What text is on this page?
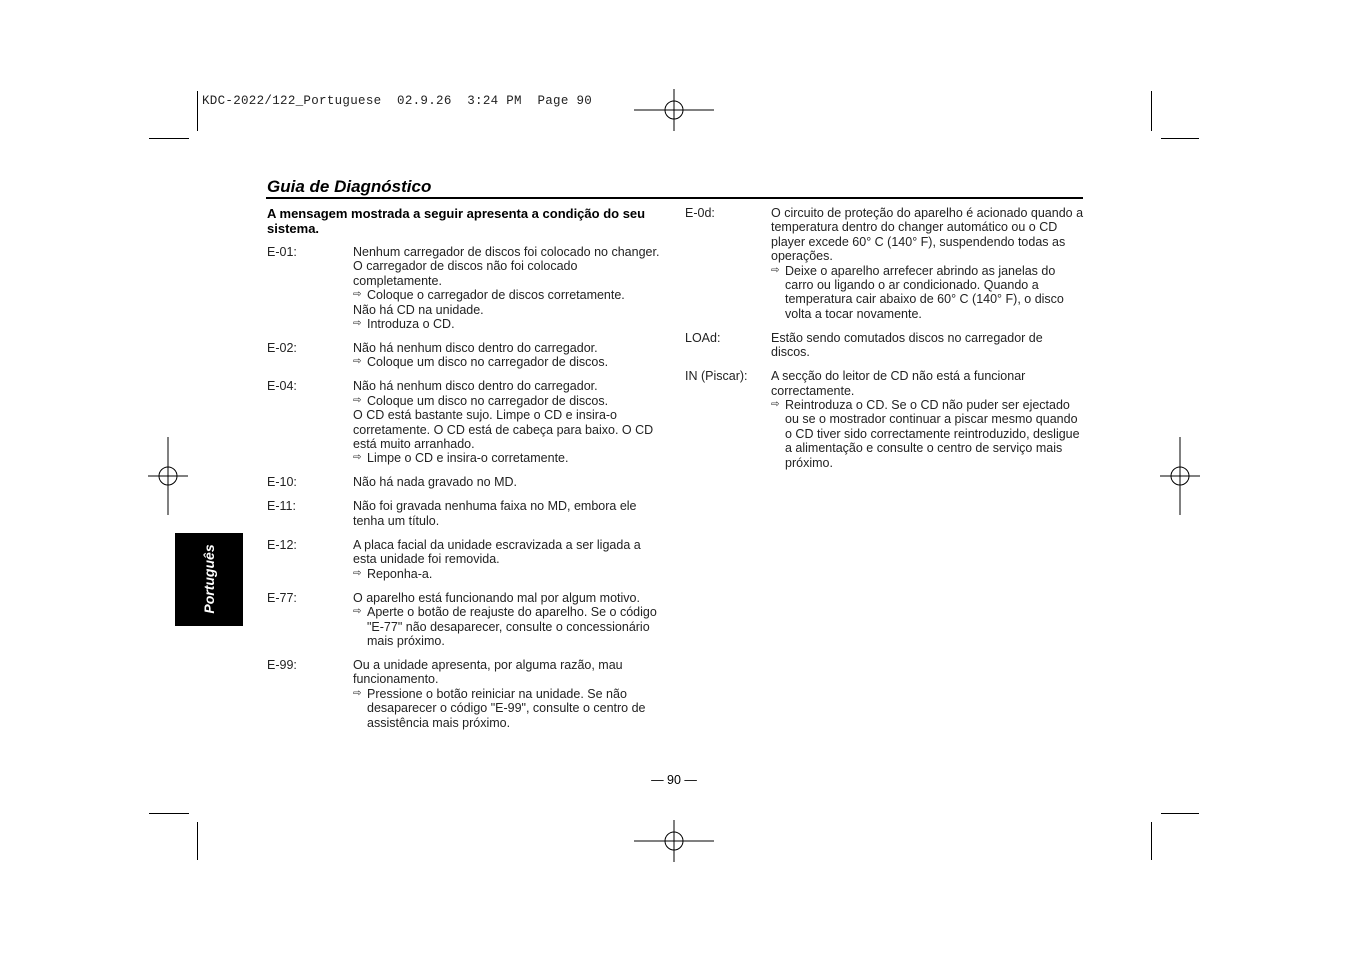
KDC-2022/122_Portuguese  02.9.26  3:24 PM  Page 90
Guia de Diagnóstico
A mensagem mostrada a seguir apresenta a condição do seu sistema.
E-01:	Nenhum carregador de discos foi colocado no changer. O carregador de discos não foi colocado completamente.
⇨ Coloque o carregador de discos corretamente.
Não há CD na unidade.
⇨ Introduza o CD.
E-02:	Não há nenhum disco dentro do carregador.
⇨ Coloque um disco no carregador de discos.
E-04:	Não há nenhum disco dentro do carregador.
⇨ Coloque um disco no carregador de discos.
O CD está bastante sujo. Limpe o CD e insira-o corretamente. O CD está de cabeça para baixo. O CD está muito arranhado.
⇨ Limpe o CD e insira-o corretamente.
E-10:	Não há nada gravado no MD.
E-11:	Não foi gravada nenhuma faixa no MD, embora ele tenha um título.
E-12:	A placa facial da unidade escravizada a ser ligada a esta unidade foi removida.
⇨ Reponha-a.
E-77:	O aparelho está funcionando mal por algum motivo.
⇨ Aperte o botão de reajuste do aparelho. Se o código "E-77" não desaparecer, consulte o concessionário mais próximo.
E-99:	Ou a unidade apresenta, por alguma razão, mau funcionamento.
⇨ Pressione o botão reiniciar na unidade. Se não desaparecer o código "E-99", consulte o centro de assistência mais próximo.
E-0d:	O circuito de proteção do aparelho é acionado quando a temperatura dentro do changer automático ou o CD player excede 60° C (140° F), suspendendo todas as operações.
⇨ Deixe o aparelho arrefecer abrindo as janelas do carro ou ligando o ar condicionado. Quando a temperatura cair abaixo de 60° C (140° F), o disco volta a tocar novamente.
LOAd:	Estão sendo comutados discos no carregador de discos.
IN (Piscar):	A secção do leitor de CD não está a funcionar correctamente.
⇨ Reintroduza o CD. Se o CD não puder ser ejectado ou se o mostrador continuar a piscar mesmo quando o CD tiver sido correctamente reintroduzido, desligue a alimentação e consulte o centro de serviço mais próximo.
Português
— 90 —
